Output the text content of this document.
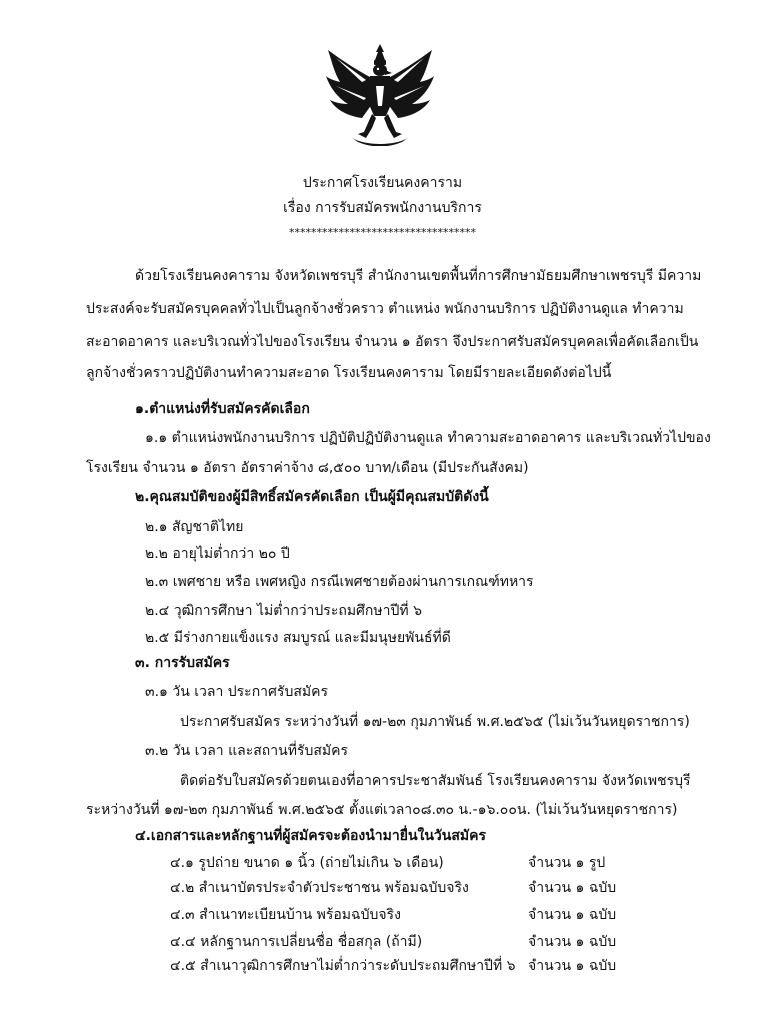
ประกาศโรงเรียนคงคาราม
เรื่อง การรับสมัครพนักงานบริการ
**********************************
ด้วยโรงเรียนคงคาราม จังหวัดเพชรบุรี สำนักงานเขตพื้นที่การศึกษามัธยมศึกษาเพชรบุรี มีความ
ประสงค์จะรับสมัครบุคคลทั่วไปเป็นลูกจ้างชั่วคราว ตำแหน่ง พนักงานบริการ ปฏิบัติงานดูแล ทำความ
สะอาดอาคาร และบริเวณทั่วไปของโรงเรียน จำนวน ๑ อัตรา จึงประกาศรับสมัครบุคคลเพื่อคัดเลือกเป็น
ลูกจ้างชั่วคราวปฏิบัติงานทำความสะอาด โรงเรียนคงคาราม โดยมีรายละเอียดดังต่อไปนี้
๑.ตำแหน่งที่รับสมัครคัดเลือก
๑.๑ ตำแหน่งพนักงานบริการ ปฏิบัติปฏิบัติงานดูแล ทำความสะอาดอาคาร และบริเวณทั่วไปของ
โรงเรียน จำนวน ๑ อัตรา อัตราค่าจ้าง ๘,๕๐๐ บาท/เดือน (มีประกันสังคม)
๒.คุณสมบัติของผู้มีสิทธิ์สมัครคัดเลือก เป็นผู้มีคุณสมบัติดังนี้
๒.๑ สัญชาติไทย
๒.๒ อายุไม่ต่ำกว่า ๒๐ ปี
๒.๓ เพศชาย หรือ เพศหญิง กรณีเพศชายต้องผ่านการเกณฑ์ทหาร
๒.๔ วุฒิการศึกษา ไม่ต่ำกว่าประถมศึกษาปีที่ ๖
๒.๕ มีร่างกายแข็งแรง สมบูรณ์ และมีมนุษยพันธ์ที่ดี
๓. การรับสมัคร
๓.๑ วัน เวลา ประกาศรับสมัคร
ประกาศรับสมัคร ระหว่างวันที่ ๑๗-๒๓ กุมภาพันธ์ พ.ศ.๒๕๖๕ (ไม่เว้นวันหยุดราชการ)
๓.๒ วัน เวลา และสถานที่รับสมัคร
ติดต่อรับใบสมัครด้วยตนเองที่อาคารประชาสัมพันธ์ โรงเรียนคงคาราม จังหวัดเพชรบุรี
ระหว่างวันที่ ๑๗-๒๓ กุมภาพันธ์ พ.ศ.๒๕๖๕ ตั้งแต่เวลา๐๘.๓๐ น.-๑๖.๐๐น. (ไม่เว้นวันหยุดราชการ)
๔.เอกสารและหลักฐานที่ผู้สมัครจะต้องนำมายื่นในวันสมัคร
๔.๑ รูปถ่าย ขนาด ๑ นิ้ว (ถ่ายไม่เกิน ๖ เดือน)	จำนวน ๑ รูป
๔.๒ สำเนาบัตรประจำตัวประชาชน พร้อมฉบับจริง	จำนวน ๑ ฉบับ
๔.๓ สำเนาทะเบียนบ้าน พร้อมฉบับจริง	จำนวน ๑ ฉบับ
๔.๔ หลักฐานการเปลี่ยนชื่อ ชื่อสกุล (ถ้ามี)	จำนวน ๑ ฉบับ
๔.๕ สำเนาวุฒิการศึกษาไม่ต่ำกว่าระดับประถมศึกษาปีที่ ๖ จำนวน ๑ ฉบับ
